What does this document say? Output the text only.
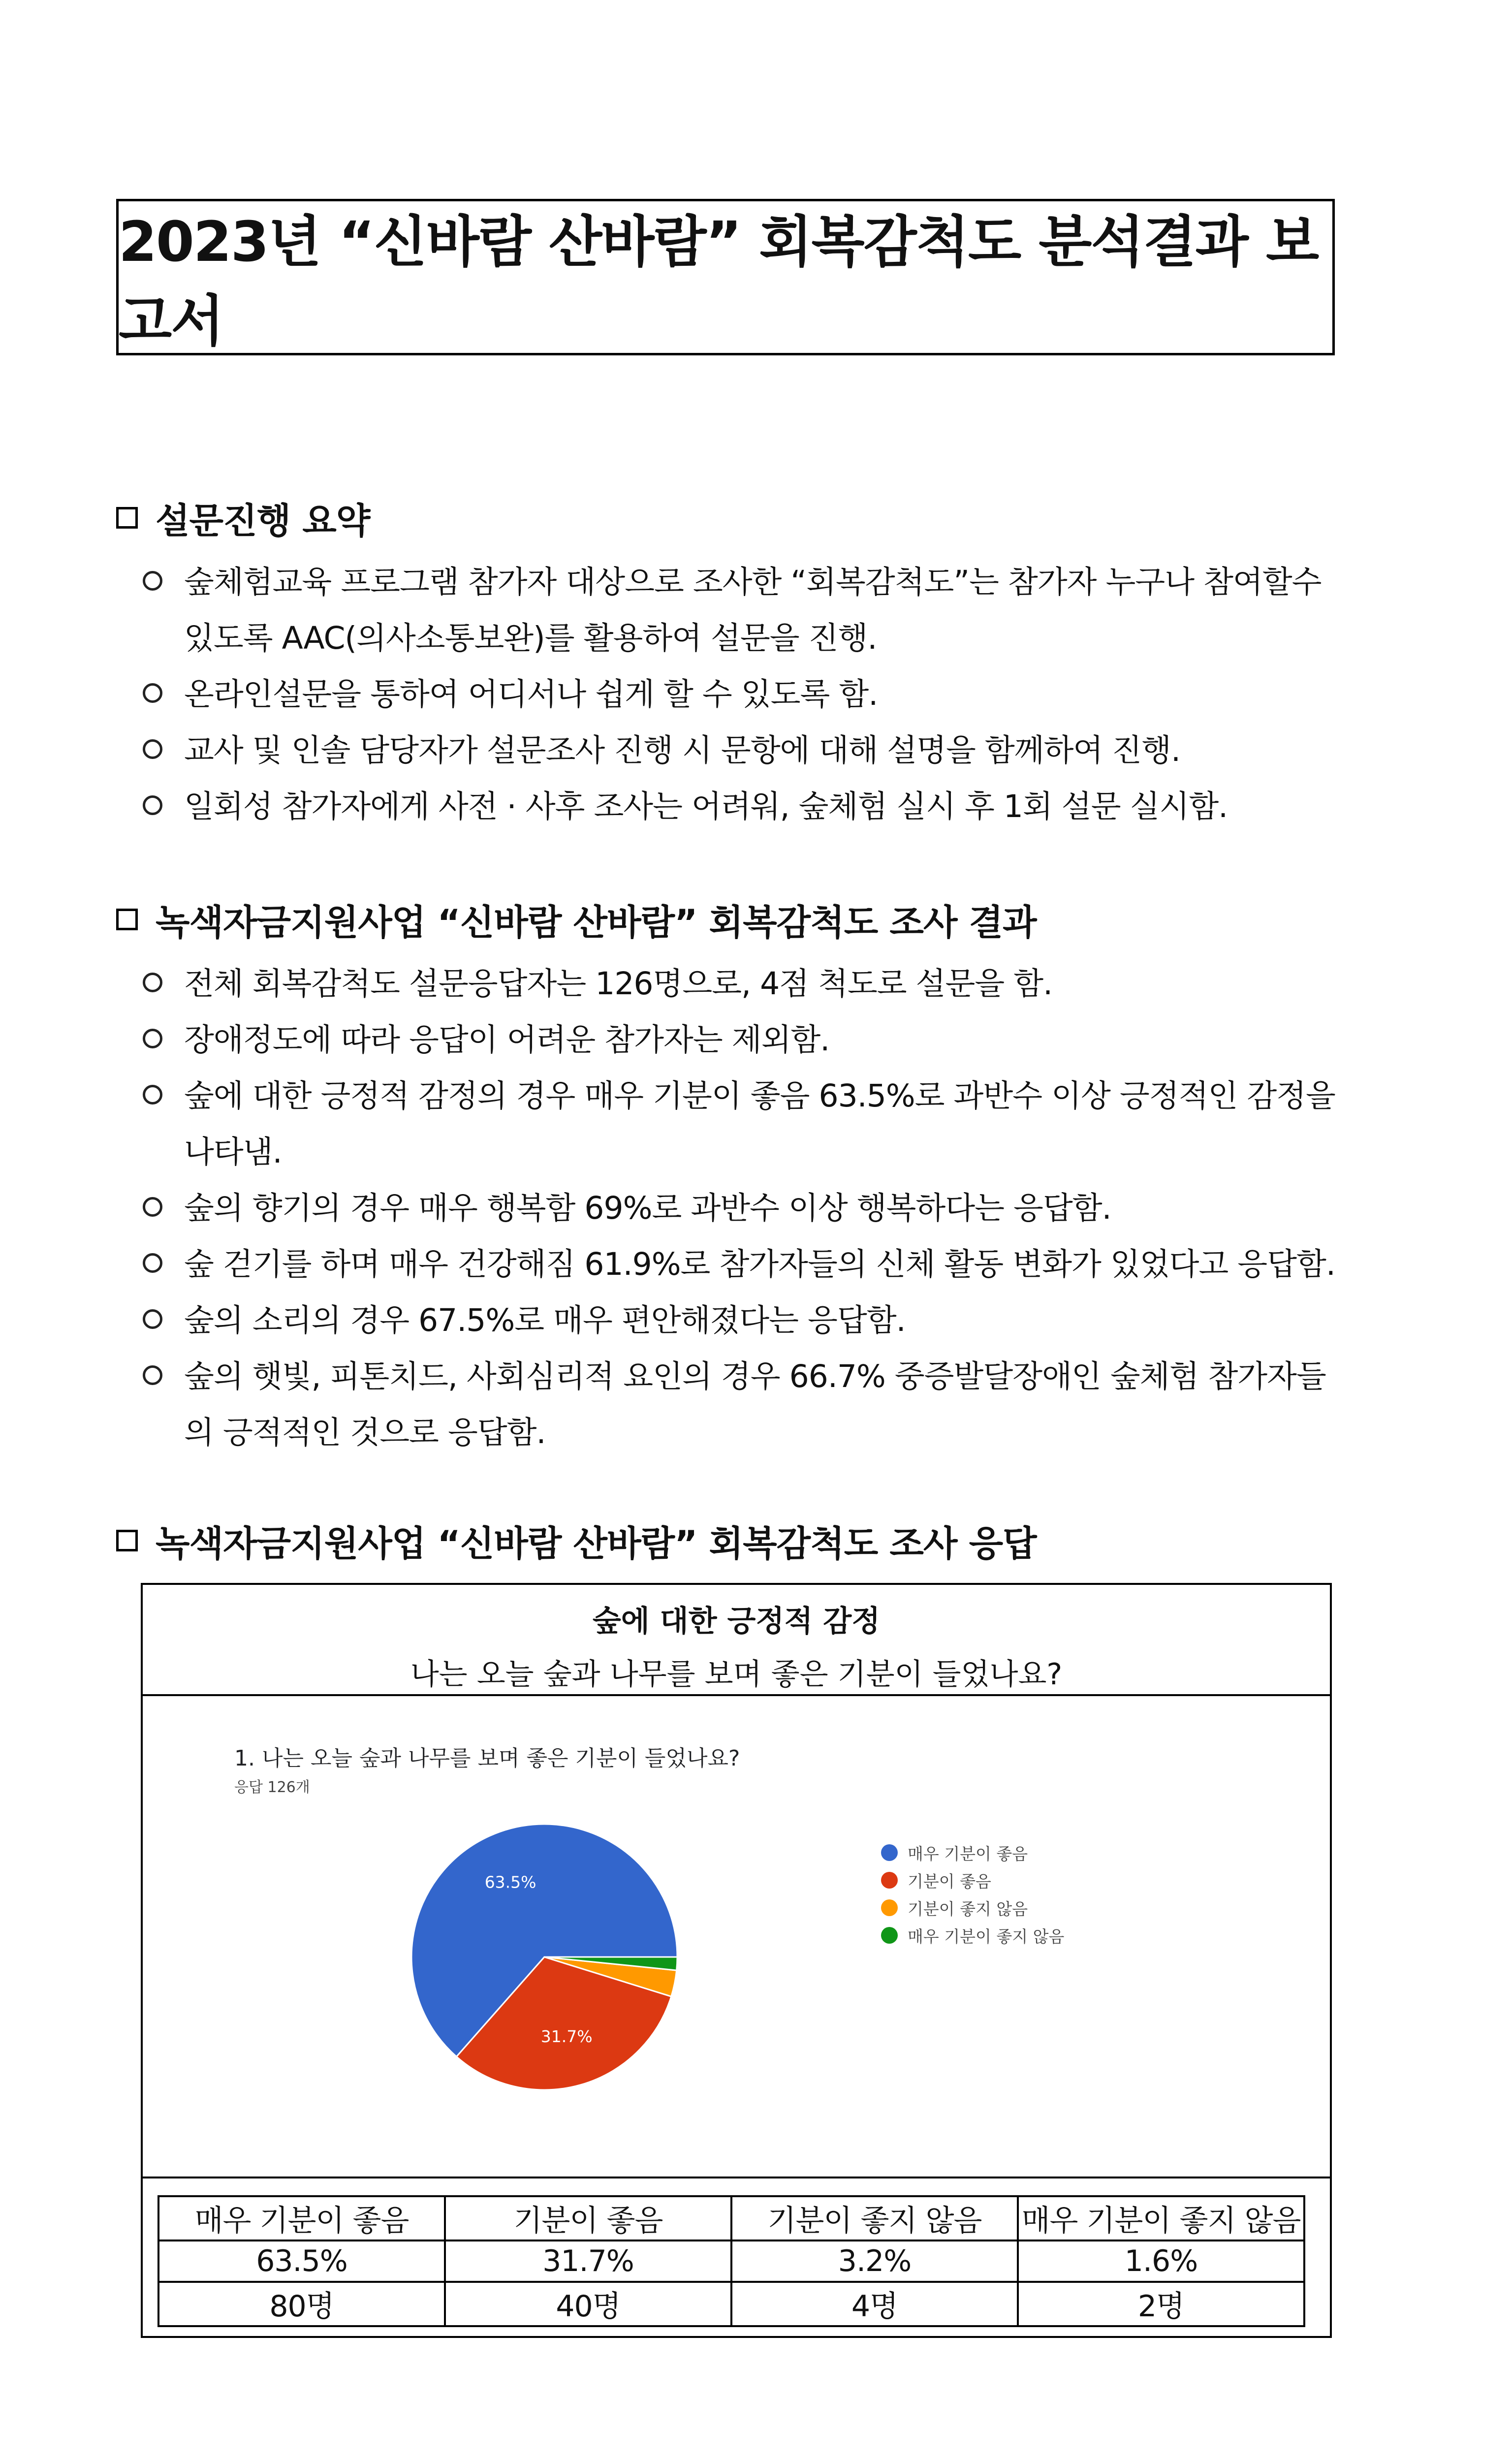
2023년 “신바람 산바람” 회복감척도 분석결과 보고서
설문진행 요약
숲체험교육 프로그램 참가자 대상으로 조사한 “회복감척도”는 참가자 누구나 참여할수 있도록 AAC(의사소통보완)를 활용하여 설문을 진행.
온라인설문을 통하여 어디서나 쉽게 할 수 있도록 함.
교사 및 인솔 담당자가 설문조사 진행 시 문항에 대해 설명을 함께하여 진행.
일회성 참가자에게 사전 · 사후 조사는 어려워, 숲체험 실시 후 1회 설문 실시함.
녹색자금지원사업 “신바람 산바람” 회복감척도 조사 결과
전체 회복감척도 설문응답자는 126명으로, 4점 척도로 설문을 함.
장애정도에 따라 응답이 어려운 참가자는 제외함.
숲에 대한 긍정적 감정의 경우 매우 기분이 좋음 63.5%로 과반수 이상 긍정적인 감정을 나타냄.
숲의 향기의 경우 매우 행복함 69%로 과반수 이상 행복하다는 응답함.
숲 걷기를 하며 매우 건강해짐 61.9%로 참가자들의 신체 활동 변화가 있었다고 응답함.
숲의 소리의 경우 67.5%로 매우 편안해졌다는 응답함.
숲의 햇빛, 피톤치드, 사회심리적 요인의 경우 66.7% 중증발달장애인 숲체험 참가자들의 긍적적인 것으로 응답함.
녹색자금지원사업 “신바람 산바람” 회복감척도 조사 응답
숲에 대한 긍정적 감정
나는 오늘 숲과 나무를 보며 좋은 기분이 들었나요?
1. 나는 오늘 숲과 나무를 보며 좋은 기분이 들었나요?
응답 126개
63.5%
31.7%
매우 기분이 좋음
기분이 좋음
기분이 좋지 않음
매우 기분이 좋지 않음
매우 기분이 좋음	기분이 좋음	기분이 좋지 않음	매우 기분이 좋지 않음
63.5%	31.7%	3.2%	1.6%
80명	40명	4명	2명
